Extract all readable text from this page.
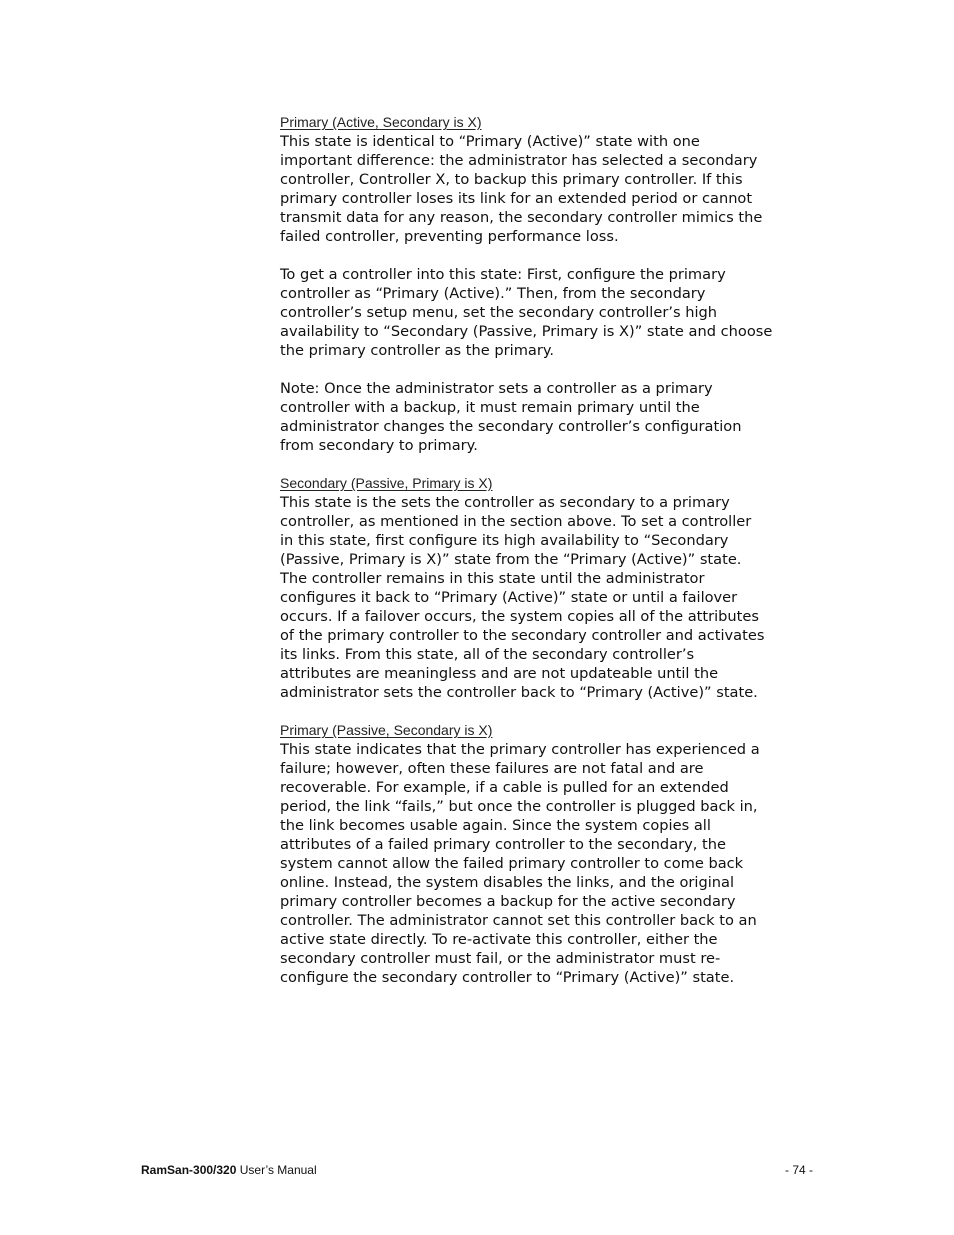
Primary (Active, Secondary is X)

This state is identical to “Primary (Active)” state with one
important difference: the administrator has selected a secondary
controller, Controller X, to backup this primary controller. If this
primary controller loses its link for an extended period or cannot
transmit data for any reason, the secondary controller mimics the
failed controller, preventing performance loss.

To get a controller into this state: First, configure the primary
controller as “Primary (Active).” Then, from the secondary
controller’s setup menu, set the secondary controller’s high
availability to “Secondary (Passive, Primary is X)” state and choose
the primary controller as the primary.

Note: Once the administrator sets a controller as a primary
controller with a backup, it must remain primary until the
administrator changes the secondary controller’s configuration
from secondary to primary.

Secondary (Passive, Primary is X)

This state is the sets the controller as secondary to a primary
controller, as mentioned in the section above. To set a controller
in this state, first configure its high availability to “Secondary
(Passive, Primary is X)” state from the “Primary (Active)” state.
The controller remains in this state until the administrator
configures it back to “Primary (Active)” state or until a failover
occurs. If a failover occurs, the system copies all of the attributes
of the primary controller to the secondary controller and activates
its links. From this state, all of the secondary controller’s
attributes are meaningless and are not updateable until the
administrator sets the controller back to “Primary (Active)” state.

Primary (Passive, Secondary is X)

This state indicates that the primary controller has experienced a
failure; however, often these failures are not fatal and are
recoverable. For example, if a cable is pulled for an extended
period, the link “fails,” but once the controller is plugged back in,
the link becomes usable again. Since the system copies all
attributes of a failed primary controller to the secondary, the
system cannot allow the failed primary controller to come back
online. Instead, the system disables the links, and the original
primary controller becomes a backup for the active secondary
controller. The administrator cannot set this controller back to an
active state directly. To re-activate this controller, either the
secondary controller must fail, or the administrator must re-
configure the secondary controller to “Primary (Active)” state.

RamSan-300/320 User’s Manual	- 74 -
